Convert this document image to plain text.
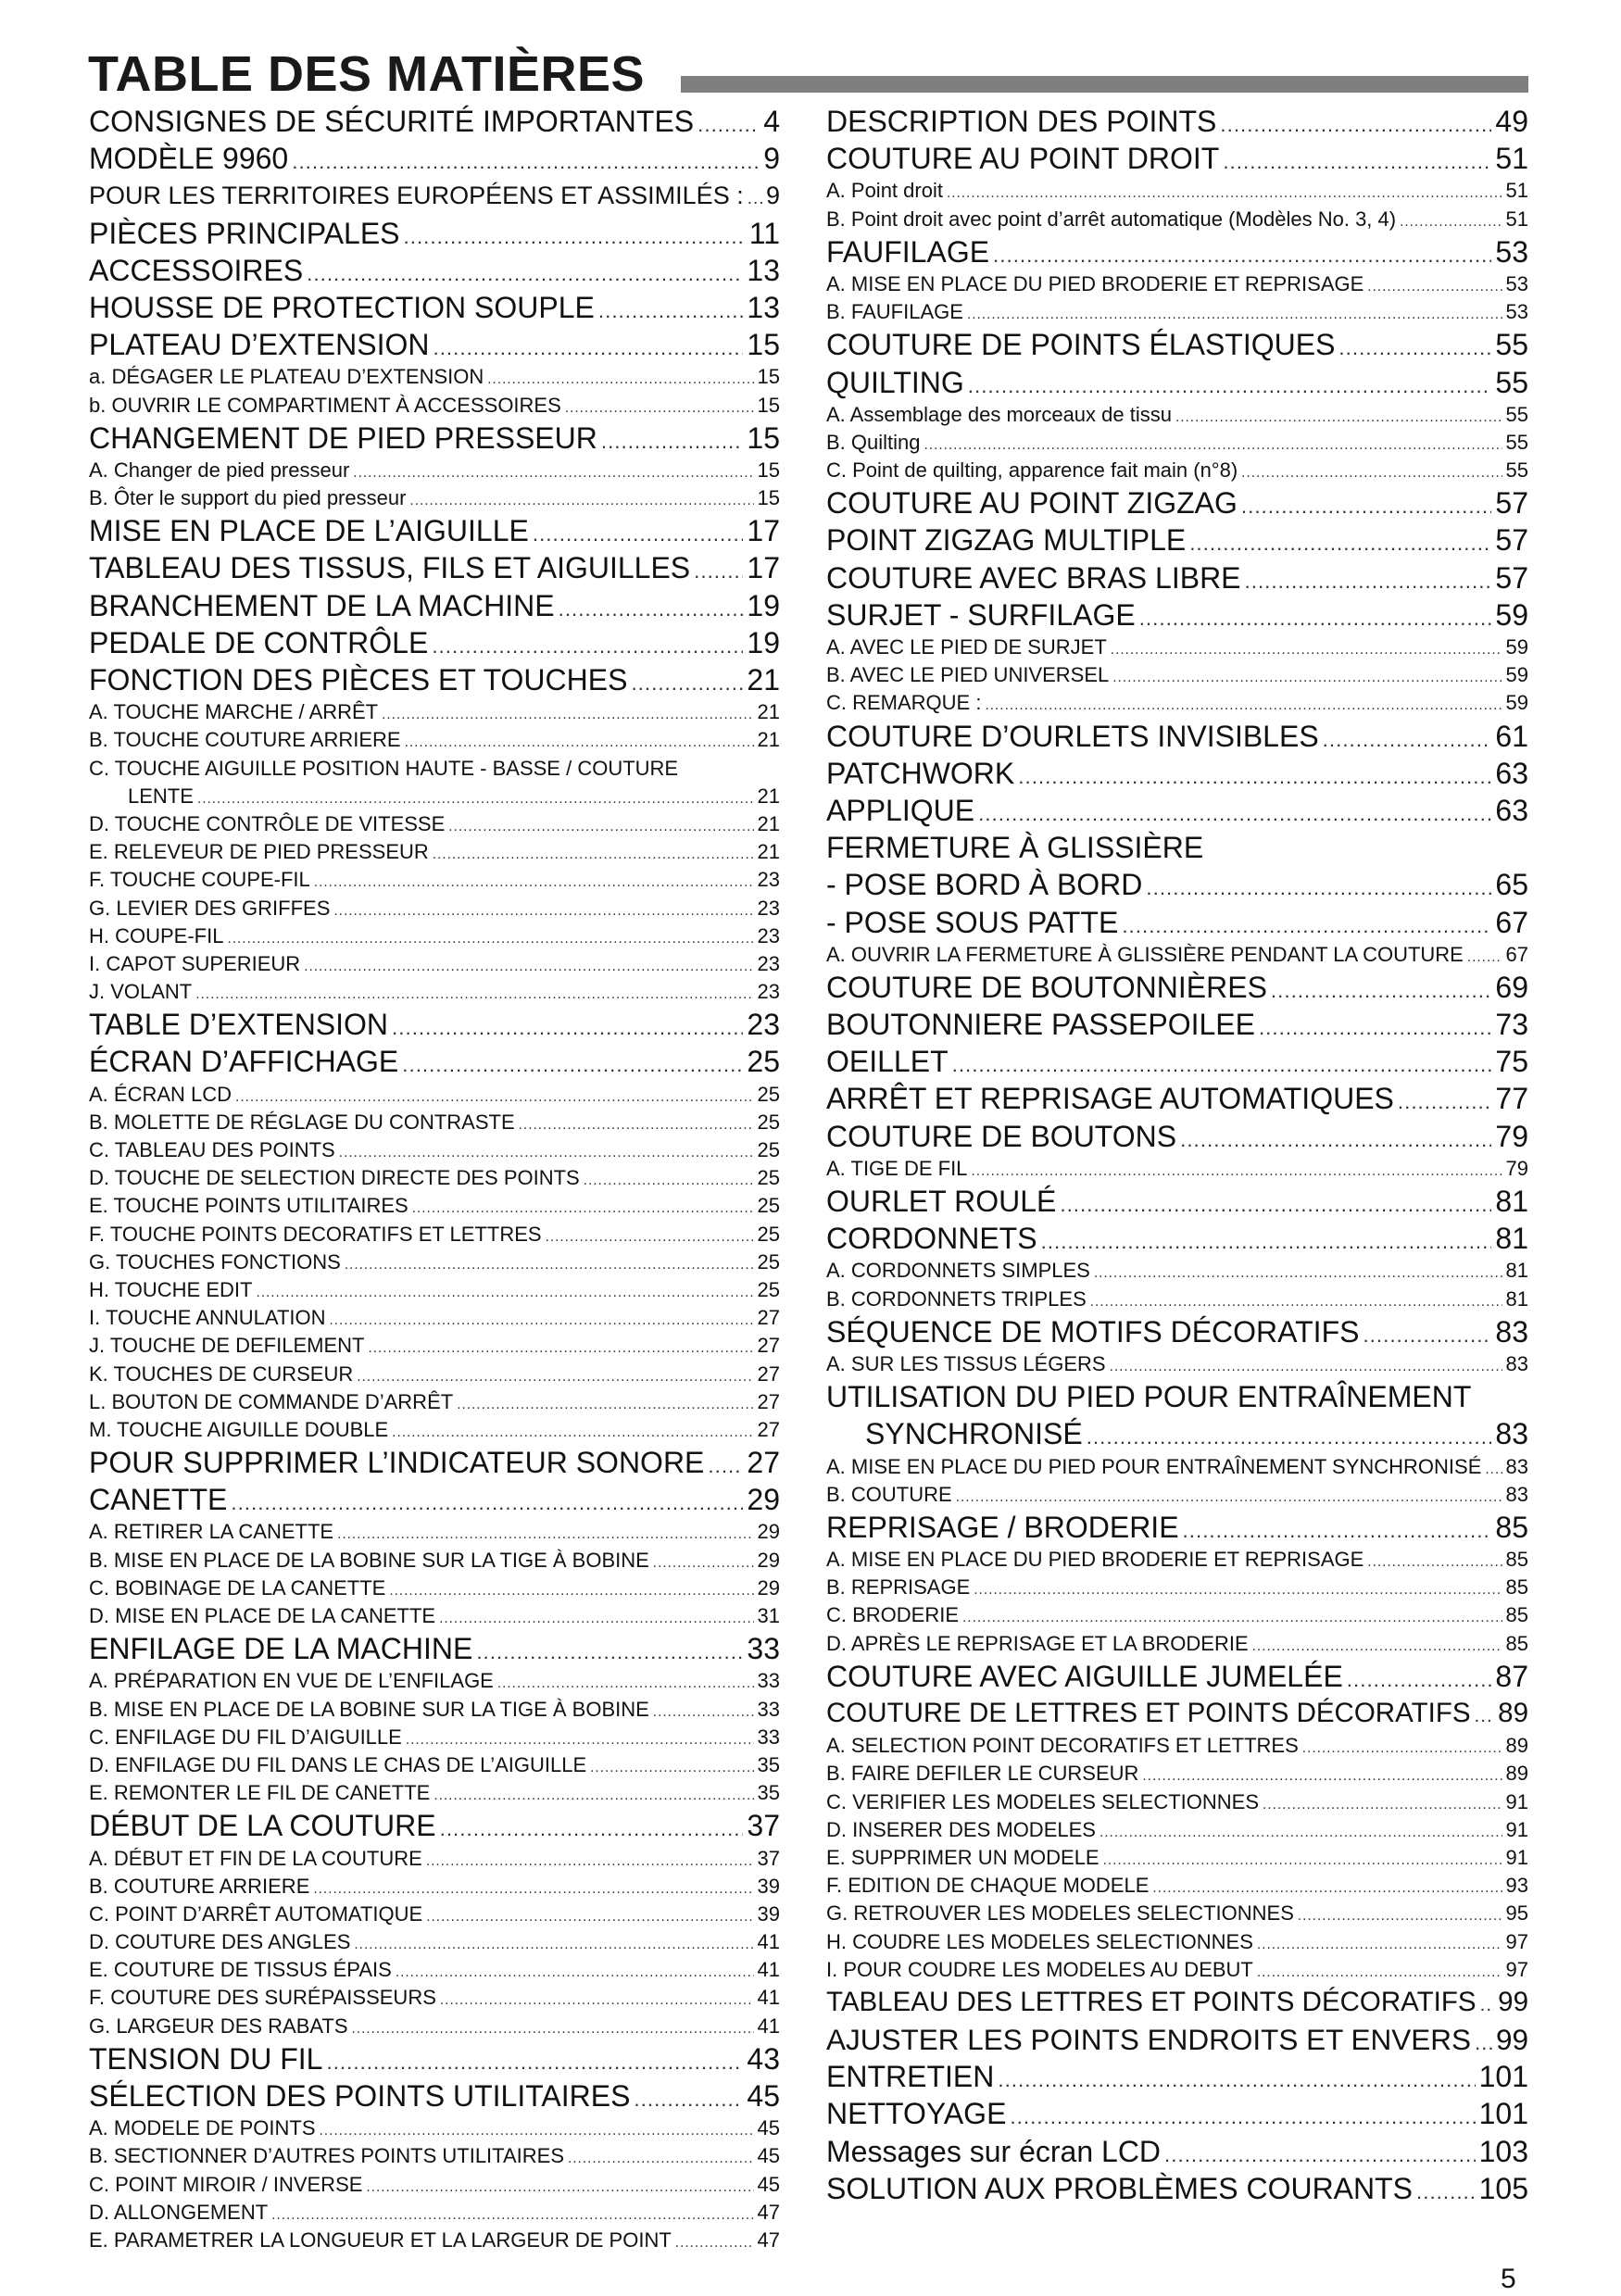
TABLE DES MATIÈRES
CONSIGNES DE SÉCURITÉ IMPORTANTES ..... 4
MODÈLE 9960 .....	9
POUR LES TERRITOIRES EUROPÉENS ET ASSIMILÉS : ..... 9
PIÈCES PRINCIPALES .....	11
ACCESSOIRES .....	13
HOUSSE DE PROTECTION SOUPLE .....	13
PLATEAU D’EXTENSION .....	15
a. DÉGAGER LE PLATEAU D’EXTENSION .....	15
b. OUVRIR LE COMPARTIMENT À ACCESSOIRES .....	15
CHANGEMENT DE PIED PRESSEUR .....	15
A. Changer de pied presseur .....	15
B. Ôter le support du pied presseur .....	15
MISE EN PLACE DE L’AIGUILLE .....	17
TABLEAU DES TISSUS, FILS ET AIGUILLES ..... 17
BRANCHEMENT DE LA MACHINE .....	19
PEDALE DE CONTRÔLE .....	19
FONCTION DES PIÈCES ET TOUCHES .....	21
A. TOUCHE MARCHE / ARRÊT .....	21
B. TOUCHE COUTURE ARRIERE .....	21
C. TOUCHE AIGUILLE POSITION HAUTE - BASSE / COUTURE
LENTE .....	21
D. TOUCHE CONTRÔLE DE VITESSE .....	21
E. RELEVEUR DE PIED PRESSEUR .....	21
F. TOUCHE COUPE-FIL .....	23
G. LEVIER DES GRIFFES .....	23
H. COUPE-FIL .....	23
I. CAPOT SUPERIEUR .....	23
J. VOLANT .....	23
TABLE D’EXTENSION .....	23
ÉCRAN D’AFFICHAGE .....	25
A. ÉCRAN LCD .....	25
B. MOLETTE DE RÉGLAGE DU CONTRASTE .....	25
C. TABLEAU DES POINTS .....	25
D. TOUCHE DE SELECTION DIRECTE DES POINTS .....	25
E. TOUCHE POINTS UTILITAIRES .....	25
F. TOUCHE POINTS DECORATIFS ET LETTRES .....	25
G. TOUCHES FONCTIONS .....	25
H. TOUCHE EDIT .....	25
I. TOUCHE ANNULATION .....	27
J. TOUCHE DE DEFILEMENT .....	27
K. TOUCHES DE CURSEUR .....	27
L. BOUTON DE COMMANDE D’ARRÊT .....	27
M. TOUCHE AIGUILLE DOUBLE .....	27
POUR SUPPRIMER L’INDICATEUR SONORE ..... 27
CANETTE .....	29
A. RETIRER LA CANETTE .....	29
B. MISE EN PLACE DE LA BOBINE SUR LA TIGE À BOBINE .....	29
C. BOBINAGE DE LA CANETTE .....	29
D. MISE EN PLACE DE LA CANETTE .....	31
ENFILAGE DE LA MACHINE .....	33
A. PRÉPARATION EN VUE DE L’ENFILAGE .....	33
B. MISE EN PLACE DE LA BOBINE SUR LA TIGE À BOBINE .....	33
C. ENFILAGE DU FIL D’AIGUILLE .....	33
D. ENFILAGE DU FIL DANS LE CHAS DE L’AIGUILLE .....	35
E. REMONTER LE FIL DE CANETTE .....	35
DÉBUT DE LA COUTURE .....	37
A. DÉBUT ET FIN DE LA COUTURE .....	37
B. COUTURE ARRIERE .....	39
C. POINT D’ARRÊT AUTOMATIQUE .....	39
D. COUTURE DES ANGLES .....	41
E. COUTURE DE TISSUS ÉPAIS .....	41
F. COUTURE DES SURÉPAISSEURS .....	41
G. LARGEUR DES RABATS .....	41
TENSION DU FIL .....	43
SÉLECTION DES POINTS UTILITAIRES .....	45
A. MODELE DE POINTS .....	45
B. SECTIONNER D’AUTRES POINTS UTILITAIRES .....	45
C. POINT MIROIR / INVERSE .....	45
D. ALLONGEMENT .....	47
E. PARAMETRER LA LONGUEUR ET LA LARGEUR DE POINT .....	47
DESCRIPTION DES POINTS .....	49
COUTURE AU POINT DROIT .....	51
A. Point droit .....	51
B. Point droit avec point d’arrêt automatique (Modèles No. 3, 4) .....	51
FAUFILAGE .....	53
A. MISE EN PLACE DU PIED BRODERIE ET REPRISAGE .....	53
B. FAUFILAGE .....	53
COUTURE DE POINTS ÉLASTIQUES .....	55
QUILTING .....	55
A. Assemblage des morceaux de tissu .....	55
B. Quilting .....	55
C. Point de quilting, apparence fait main (n°8) .....	55
COUTURE AU POINT ZIGZAG .....	57
POINT ZIGZAG MULTIPLE .....	57
COUTURE AVEC BRAS LIBRE .....	57
SURJET - SURFILAGE .....	59
A. AVEC LE PIED DE SURJET .....	59
B. AVEC LE PIED UNIVERSEL .....	59
C. REMARQUE : .....	59
COUTURE D’OURLETS INVISIBLES .....	61
PATCHWORK .....	63
APPLIQUE .....	63
FERMETURE À GLISSIÈRE
- POSE BORD À BORD .....	65
- POSE SOUS PATTE .....	67
A. OUVRIR LA FERMETURE À GLISSIÈRE PENDANT LA COUTURE ..... 67
COUTURE DE BOUTONNIÈRES .....	69
BOUTONNIERE PASSEPOILEE .....	73
OEILLET .....	75
ARRÊT ET REPRISAGE AUTOMATIQUES .....	77
COUTURE DE BOUTONS .....	79
A. TIGE DE FIL .....	79
OURLET ROULÉ .....	81
CORDONNETS .....	81
A. CORDONNETS SIMPLES .....	81
B. CORDONNETS TRIPLES .....	81
SÉQUENCE DE MOTIFS DÉCORATIFS .....	83
A. SUR LES TISSUS LÉGERS .....	83
UTILISATION DU PIED POUR ENTRAÎNEMENT
SYNCHRONISÉ .....	83
A. MISE EN PLACE DU PIED POUR ENTRAÎNEMENT SYNCHRONISÉ ..... 83
B. COUTURE .....	83
REPRISAGE / BRODERIE .....	85
A. MISE EN PLACE DU PIED BRODERIE ET REPRISAGE .....	85
B. REPRISAGE .....	85
C. BRODERIE .....	85
D. APRÈS LE REPRISAGE ET LA BRODERIE .....	85
COUTURE AVEC AIGUILLE JUMELÉE .....	87
COUTURE DE LETTRES ET POINTS DÉCORATIFS ..... 89
A. SELECTION POINT DECORATIFS ET LETTRES .....	89
B. FAIRE DEFILER LE CURSEUR .....	89
C. VERIFIER LES MODELES SELECTIONNES .....	91
D. INSERER DES MODELES .....	91
E. SUPPRIMER UN MODELE .....	91
F. EDITION DE CHAQUE MODELE .....	93
G. RETROUVER LES MODELES SELECTIONNES .....	95
H. COUDRE LES MODELES SELECTIONNES .....	97
I. POUR COUDRE LES MODELES AU DEBUT .....	97
TABLEAU DES LETTRES ET POINTS DÉCORATIFS ..... 99
AJUSTER LES POINTS ENDROITS ET ENVERS ..... 99
ENTRETIEN .....	101
NETTOYAGE .....	101
Messages sur écran LCD .....	103
SOLUTION AUX PROBLÈMES COURANTS ..... 105
5
